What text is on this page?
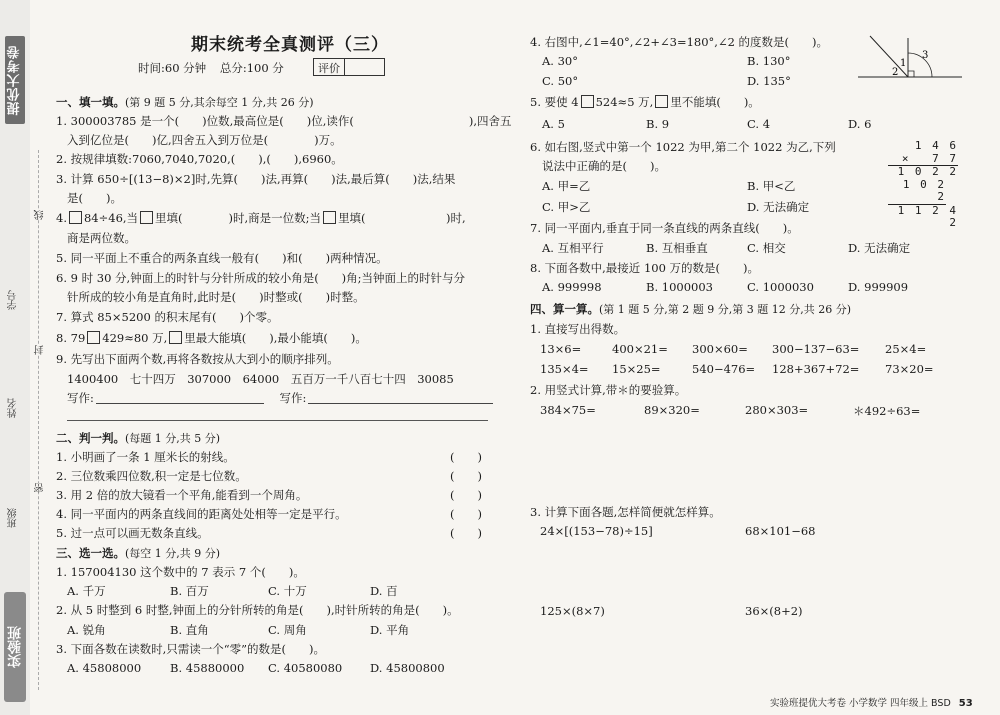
提优大考卷
班级
姓名
学号
实验班
线
封
密
期末统考全真测评（三）
时间:60 分钟 总分:100 分	评价
一、填一填。(第 9 题 5 分,其余每空 1 分,共 26 分)
1. 300003785 是一个(　　)位数,最高位是(　　)位,读作(　　　　　　　　　　),四舍五
入到亿位是(　　)亿,四舍五入到万位是(　　　　)万。
2. 按规律填数:7060,7040,7020,(　　),(　　),6960。
3. 计算 650÷[(13−8)×2]时,先算(　　)法,再算(　　)法,最后算(　　)法,结果
是(　　)。
4. 84÷46,当 里填(　　　　)时,商是一位数;当 里填(　　　　　　　)时,
商是两位数。
5. 同一平面上不重合的两条直线一般有(　　)和(　　)两种情况。
6. 9 时 30 分,钟面上的时针与分针所成的较小角是(　　)角;当钟面上的时针与分
针所成的较小角是直角时,此时是(　　)时整或(　　)时整。
7. 算式 85×5200 的积末尾有(　　)个零。
8. 79 429≈80 万, 里最大能填(　　),最小能填(　　)。
9. 先写出下面两个数,再将各数按从大到小的顺序排列。
1400400　七十四万　307000　64000　五百万一千八百七十四　30085
写作:	写作:
二、判一判。(每题 1 分,共 5 分)
1. 小明画了一条 1 厘米长的射线。	(　　)
2. 三位数乘四位数,积一定是七位数。	(　　)
3. 用 2 倍的放大镜看一个平角,能看到一个周角。	(　　)
4. 同一平面内的两条直线间的距离处处相等一定是平行。	(　　)
5. 过一点可以画无数条直线。	(　　)
三、选一选。(每空 1 分,共 9 分)
1. 157004130 这个数中的 7 表示 7 个(　　)。
A. 千万	B. 百万	C. 十万	D. 百
2. 从 5 时整到 6 时整,钟面上的分针所转的角是(　　),时针所转的角是(　　)。
A. 锐角	B. 直角	C. 周角	D. 平角
3. 下面各数在读数时,只需读一个“零”的数是(　　)。
A. 45808000	B. 45880000 C. 40580080 D. 45800800
4. 右图中,∠1=40°,∠2+∠3=180°,∠2 的度数是(　　)。
A. 30°	B. 130°
C. 50°	D. 135°
1
2
3
5. 要使 4 524≈5 万, 里不能填(　　)。
A. 5	B. 9	C. 4	D. 6
6. 如右图,竖式中第一个 1022 为甲,第二个 1022 为乙,下列
说法中正确的是(　　)。
A. 甲=乙	B. 甲<乙
C. 甲>乙	D. 无法确定
1 4 6
× 　7 7
1 0 2 2
1 0 2 2
1 1 2 4 2
7. 同一平面内,垂直于同一条直线的两条直线(　　)。
A. 互相平行	B. 互相垂直	C. 相交	D. 无法确定
8. 下面各数中,最接近 100 万的数是(　　)。
A. 999998	B. 1000003	C. 1000030	D. 999909
四、算一算。(第 1 题 5 分,第 2 题 9 分,第 3 题 12 分,共 26 分)
1. 直接写出得数。
13×6=	400×21= 300×60= 300−137−63= 25×4=
135×4= 15×25=	540−476= 128+367+72= 73×20=
2. 用竖式计算,带＊的要验算。
384×75=	89×320=	280×303=	＊492÷63=
3. 计算下面各题,怎样简便就怎样算。
24×[(153−78)÷15]	68×101−68
125×(8×7)	36×(8+2)
实验班提优大考卷 小学数学 四年级上 BSD 53
